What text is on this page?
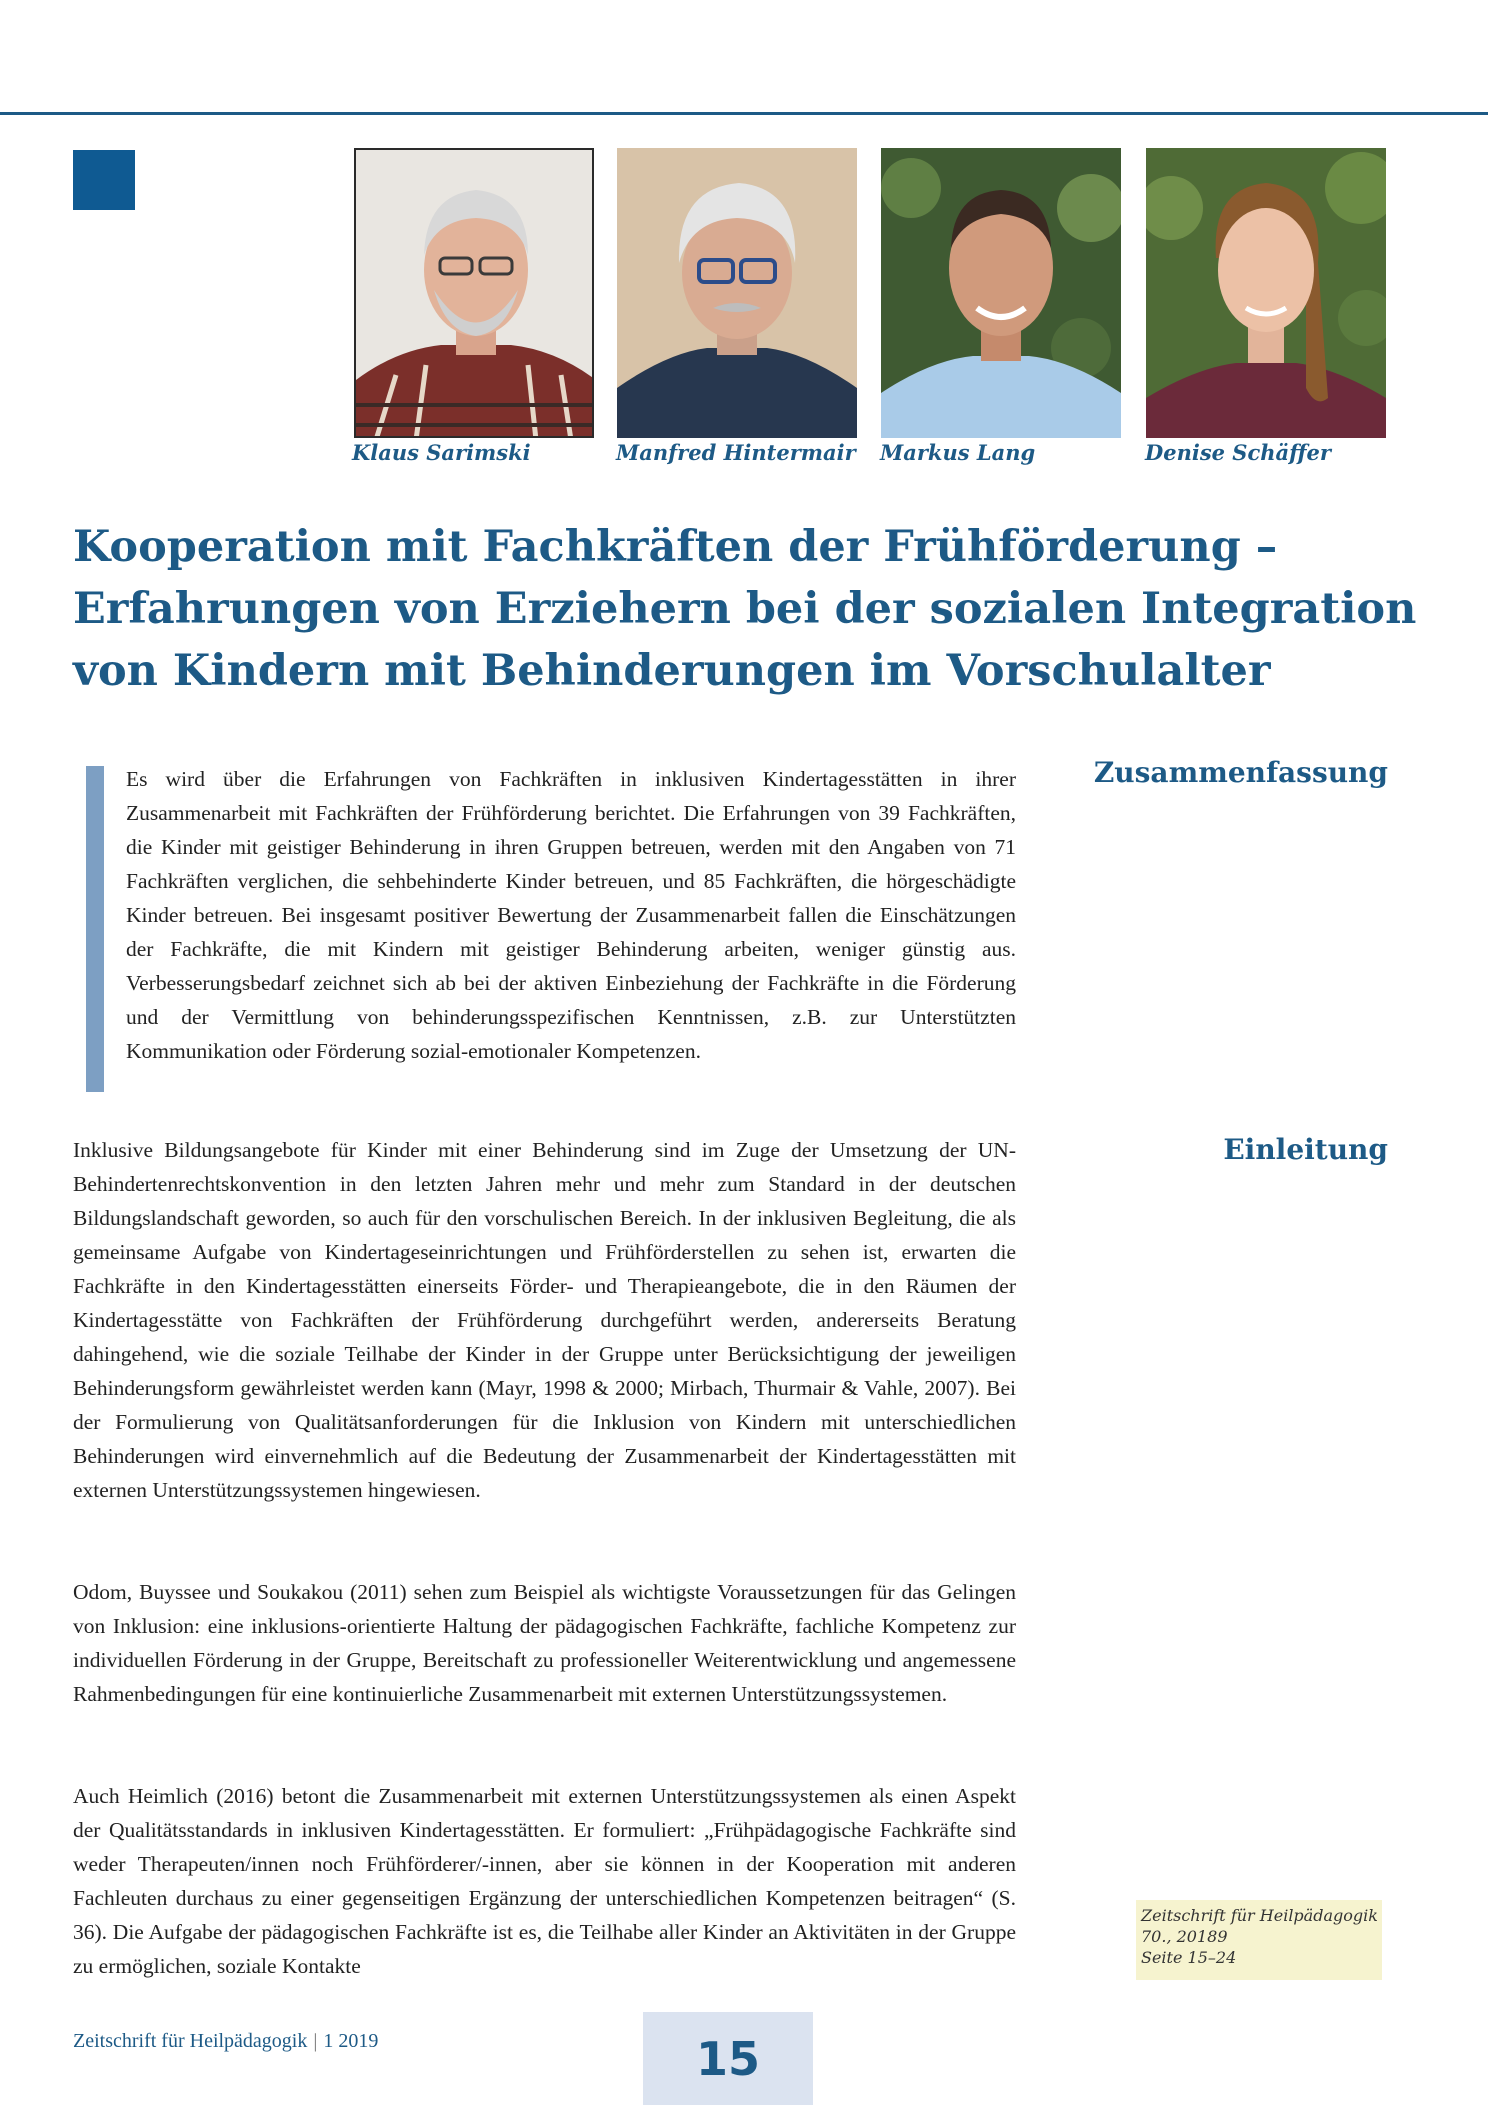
Klaus Sarimski	Manfred Hintermair Markus Lang	Denise Schäffer
Kooperation mit Fachkräften der Frühförderung –
Erfahrungen von Erziehern bei der sozialen Integration
von Kindern mit Behinderungen im Vorschulalter

Es wird über die Erfahrungen von Fachkräften in inklusiven Kindertagesstätten in ihrer Zusammenarbeit mit Fachkräften der Frühförderung berichtet. Die Erfahrungen von 39 Fachkräften, die Kinder mit geistiger Behinderung in ihren Gruppen betreuen, werden mit den Angaben von 71 Fachkräften verglichen, die sehbehinderte Kinder betreuen, und 85 Fachkräften, die hörgeschädigte Kinder betreuen. Bei insgesamt positiver Bewertung der Zusammenarbeit fallen die Einschätzungen der Fachkräfte, die mit Kindern mit geistiger Behinderung arbeiten, weniger günstig aus. Verbesserungsbedarf zeichnet sich ab bei der aktiven Einbeziehung der Fachkräfte in die Förderung und der Vermittlung von behinderungsspezifischen Kenntnissen, z.B. zur Unterstützten Kommunikation oder Förderung sozial-emotionaler Kompetenzen.

Zusammenfassung
Einleitung

Inklusive Bildungsangebote für Kinder mit einer Behinderung sind im Zuge der Umsetzung der UN-Behindertenrechtskonvention in den letzten Jahren mehr und mehr zum Standard in der deutschen Bildungslandschaft geworden, so auch für den vorschulischen Bereich. In der inklusiven Begleitung, die als gemeinsame Aufgabe von Kindertageseinrichtungen und Frühförderstellen zu sehen ist, erwarten die Fachkräfte in den Kindertagesstätten einerseits Förder- und Therapieangebote, die in den Räumen der Kindertagesstätte von Fachkräften der Frühförderung durchgeführt werden, andererseits Beratung dahingehend, wie die soziale Teilhabe der Kinder in der Gruppe unter Berücksichtigung der jeweiligen Behinderungsform gewährleistet werden kann (Mayr, 1998 & 2000; Mirbach, Thurmair & Vahle, 2007). Bei der Formulierung von Qualitätsanforderungen für die Inklusion von Kindern mit unterschiedlichen Behinderungen wird einvernehmlich auf die Bedeutung der Zusammenarbeit der Kindertagesstätten mit externen Unterstützungssystemen hingewiesen.

Odom, Buyssee und Soukakou (2011) sehen zum Beispiel als wichtigste Voraussetzungen für das Gelingen von Inklusion: eine inklusions-orientierte Haltung der pädagogischen Fachkräfte, fachliche Kompetenz zur individuellen Förderung in der Gruppe, Bereitschaft zu professioneller Weiterentwicklung und angemessene Rahmenbedingungen für eine kontinuierliche Zusammenarbeit mit externen Unterstützungssystemen.

Auch Heimlich (2016) betont die Zusammenarbeit mit externen Unterstützungssystemen als einen Aspekt der Qualitätsstandards in inklusiven Kindertagesstätten. Er formuliert: „Frühpädagogische Fachkräfte sind weder Therapeuten/innen noch Frühförderer/-innen, aber sie können in der Kooperation mit anderen Fachleuten durchaus zu einer gegenseitigen Ergänzung der unterschiedlichen Kompetenzen beitragen“ (S. 36). Die Aufgabe der pädagogischen Fachkräfte ist es, die Teilhabe aller Kinder an Aktivitäten in der Gruppe zu ermöglichen, soziale Kontakte

Zeitschrift für Heilpädagogik
70., 20189
Seite 15–24
Zeitschrift für Heilpädagogik | 1 2019	15
